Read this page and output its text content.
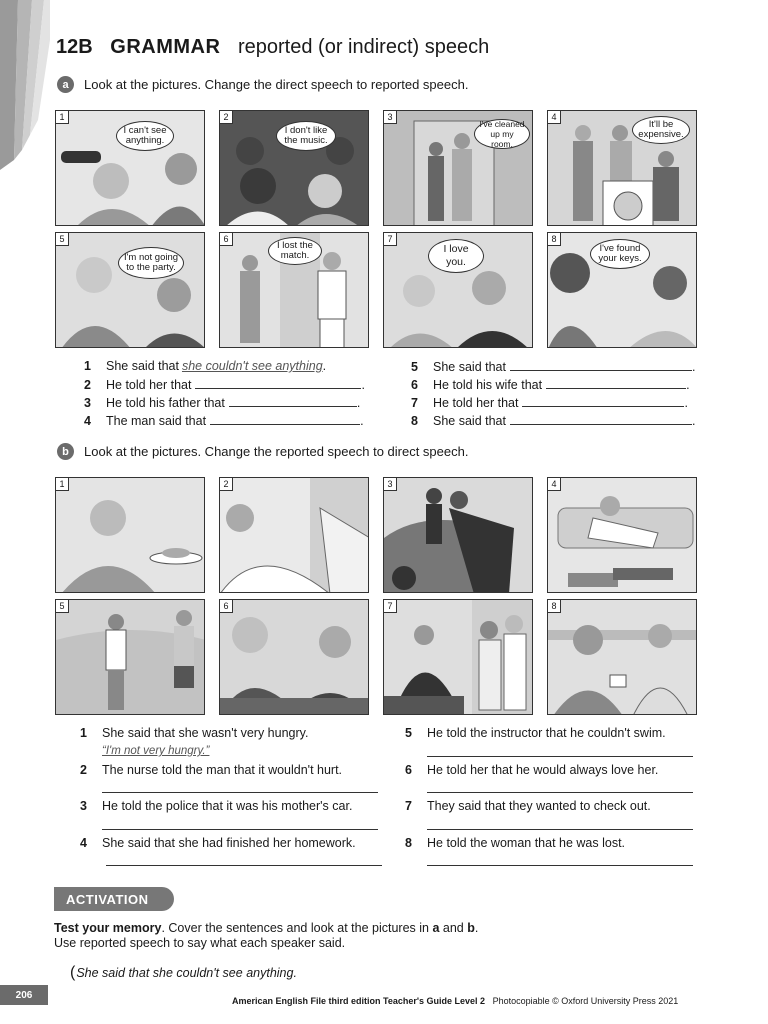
12B GRAMMAR reported (or indirect) speech
a	Look at the pictures. Change the direct speech to reported speech.
1
I can't see anything.
2
I don't like the music.
3
I've cleaned up my room.
4
It'll be expensive.
5
I'm not going to the party.
6
I lost the match.
7
I love you.
8
I've found your keys.
1	She said that she couldn't see anything .
2	He told her that	.
3	He told his father that	.
4	The man said that	.
5	She said that	.
6	He told his wife that	.
7	He told her that	.
8	She said that	.
b	Look at the pictures. Change the reported speech to direct speech.
1	2	3	4
5	6	7	8
1	She said that she wasn't very hungry.
“I'm not very hungry.”
2	The nurse told the man that it wouldn't hurt.
3	He told the police that it was his mother's car.
4	She said that she had finished her homework.
5	He told the instructor that he couldn't swim.
6	He told her that he would always love her.
7	They said that they wanted to check out.
8	He told the woman that he was lost.
ACTIVATION
Test your memory. Cover the sentences and look at the pictures in a and b.
Use reported speech to say what each speaker said.
(She said that she couldn't see anything.
206
American English File third edition Teacher's Guide Level 2 Photocopiable © Oxford University Press 2021
